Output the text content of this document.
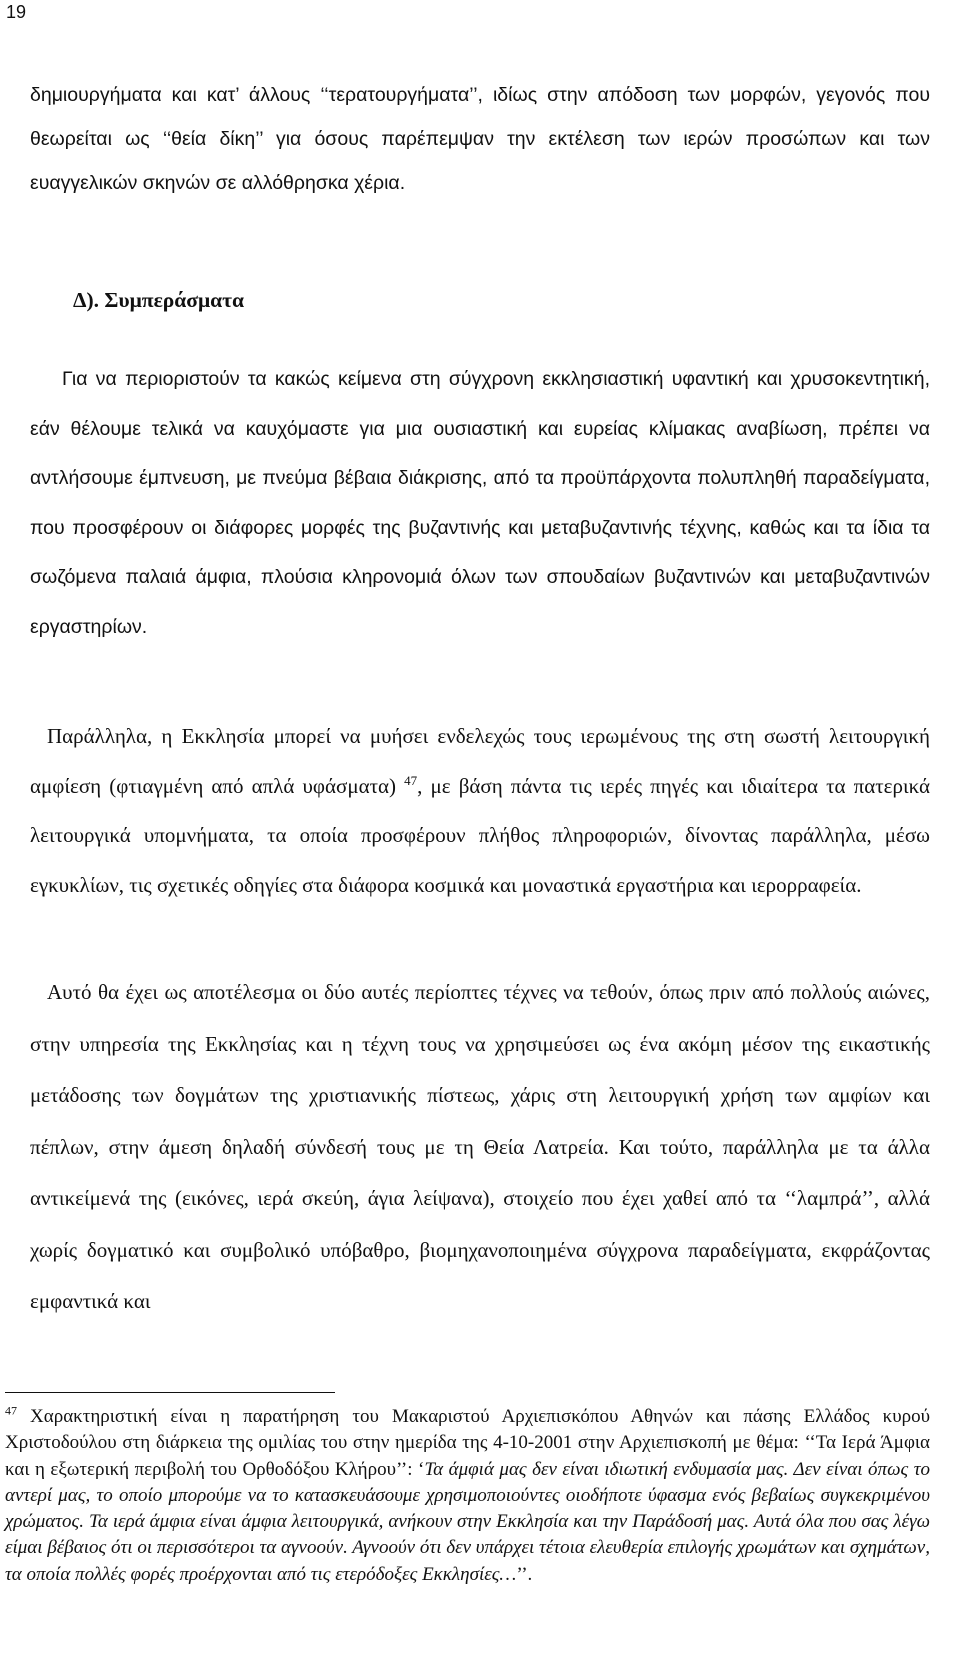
19

δημιουργήματα και κατ’ άλλους ‘‘τερατουργήματα’’, ιδίως στην απόδοση των μορφών, γεγονός που θεωρείται ως ‘‘θεία δίκη’’ για όσους παρέπεμψαν την εκτέλεση των ιερών προσώπων και των ευαγγελικών σκηνών σε αλλόθρησκα χέρια.

Δ). Συμπεράσματα

Για να περιοριστούν τα κακώς κείμενα στη σύγχρονη εκκλησιαστική υφαντική και χρυσοκεντητική, εάν θέλουμε τελικά να καυχόμαστε για μια ουσιαστική και ευρείας κλίμακας αναβίωση, πρέπει να αντλήσουμε έμπνευση, με πνεύμα βέβαια διάκρισης, από τα προϋπάρχοντα πολυπληθή παραδείγματα, που προσφέρουν οι διάφορες μορφές της βυζαντινής και μεταβυζαντινής τέχνης, καθώς και τα ίδια τα σωζόμενα παλαιά άμφια, πλούσια κληρονομιά όλων των σπουδαίων βυζαντινών και μεταβυζαντινών εργαστηρίων.

Παράλληλα, η Εκκλησία μπορεί να μυήσει ενδελεχώς τους ιερωμένους της στη σωστή λειτουργική αμφίεση (φτιαγμένη από απλά υφάσματα) $^{47}$, με βάση πάντα τις ιερές πηγές και ιδιαίτερα τα πατερικά λειτουργικά υπομνήματα, τα οποία προσφέρουν πλήθος πληροφοριών, δίνοντας παράλληλα, μέσω εγκυκλίων, τις σχετικές οδηγίες στα διάφορα κοσμικά και μοναστικά εργαστήρια και ιερορραφεία.

Αυτό θα έχει ως αποτέλεσμα οι δύο αυτές περίοπτες τέχνες να τεθούν, όπως πριν από πολλούς αιώνες, στην υπηρεσία της Εκκλησίας και η τέχνη τους να χρησιμεύσει ως ένα ακόμη μέσον της εικαστικής μετάδοσης των δογμάτων της χριστιανικής πίστεως, χάρις στη λειτουργική χρήση των αμφίων και πέπλων, στην άμεση δηλαδή σύνδεσή τους με τη Θεία Λατρεία. Και τούτο, παράλληλα με τα άλλα αντικείμενά της (εικόνες, ιερά σκεύη, άγια λείψανα), στοιχείο που έχει χαθεί από τα ‘‘λαμπρά’’, αλλά χωρίς δογματικό και συμβολικό υπόβαθρο, βιομηχανοποιημένα σύγχρονα παραδείγματα, εκφράζοντας εμφαντικά και

$^{47}$ Χαρακτηριστική είναι η παρατήρηση του Μακαριστού Αρχιεπισκόπου Αθηνών και πάσης Ελλάδος κυρού Χριστοδούλου στη διάρκεια της ομιλίας του στην ημερίδα της 4-10-2001 στην Αρχιεπισκοπή με θέμα: ‘‘Τα Ιερά Άμφια και η εξωτερική περιβολή του Ορθοδόξου Κλήρου’’: ‘Τα άμφιά μας δεν είναι ιδιωτική ενδυμασία μας. Δεν είναι όπως το αντερί μας, το οποίο μπορούμε να το κατασκευάσουμε χρησιμοποιούντες οιοδήποτε ύφασμα ενός βεβαίως συγκεκριμένου χρώματος. Τα ιερά άμφια είναι άμφια λειτουργικά, ανήκουν στην Εκκλησία και την Παράδοσή μας. Αυτά όλα που σας λέγω είμαι βέβαιος ότι οι περισσότεροι τα αγνοούν. Αγνοούν ότι δεν υπάρχει τέτοια ελευθερία επιλογής χρωμάτων και σχημάτων, τα οποία πολλές φορές προέρχονται από τις ετερόδοξες Εκκλησίες…’’.
